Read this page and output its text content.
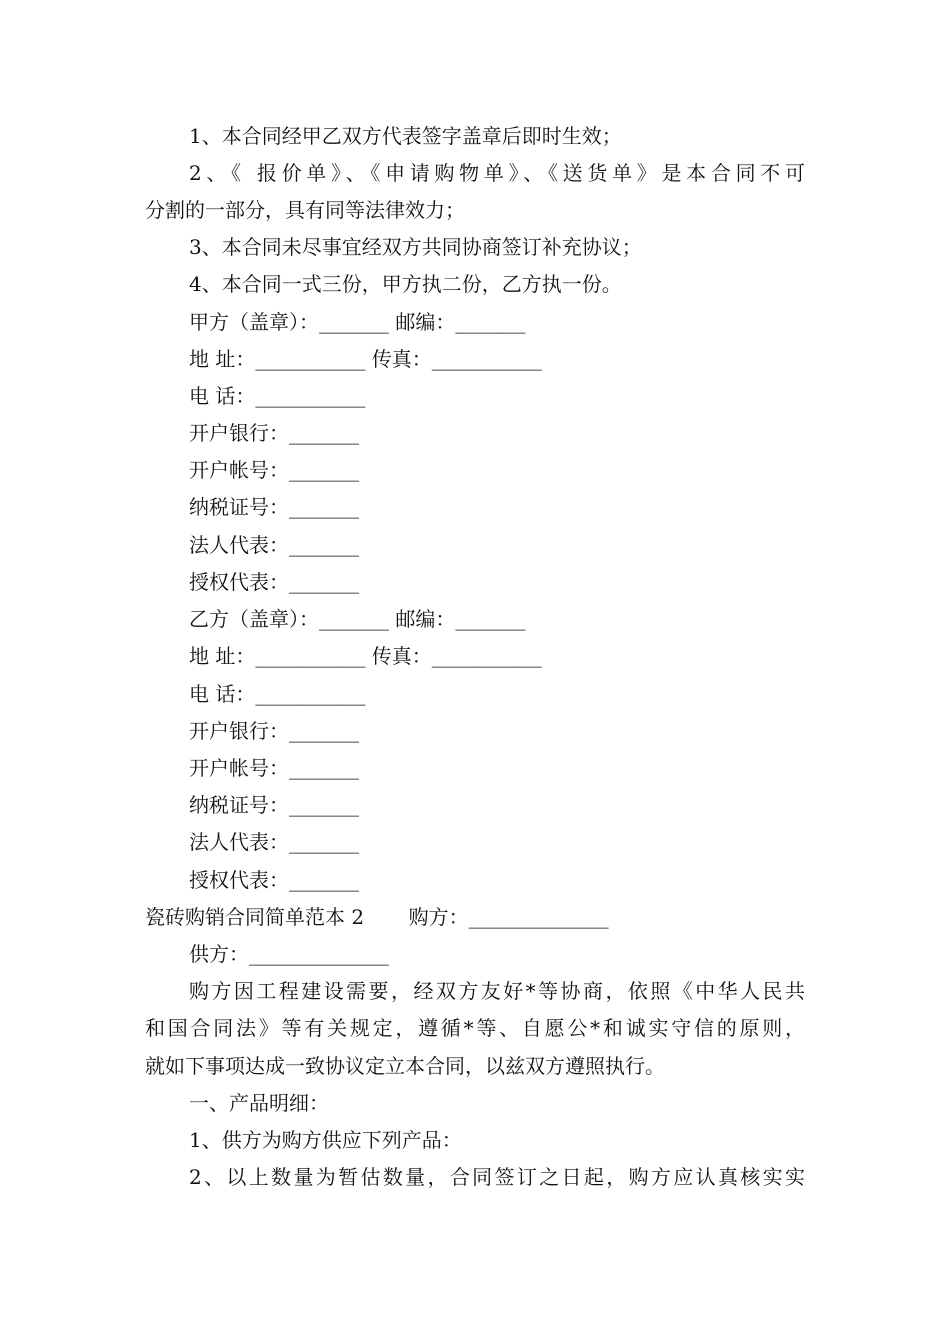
1、本合同经甲乙双方代表签字盖章后即时生效；
2、《 报价单》、《申请购物单》、《送货单》是本合同不可
分割的一部分，具有同等法律效力；
3、本合同未尽事宜经双方共同协商签订补充协议；
4、本合同一式三份，甲方执二份，乙方执一份。
甲方（盖章）：_______ 邮编：_______
地 址：___________ 传真：___________
电 话：___________
开户银行：_______
开户帐号：_______
纳税证号：_______
法人代表：_______
授权代表：_______
乙方（盖章）：_______ 邮编：_______
地 址：___________ 传真：___________
电 话：___________
开户银行：_______
开户帐号：_______
纳税证号：_______
法人代表：_______
授权代表：_______
瓷砖购销合同简单范本 2       购方：______________
供方：______________
购方因工程建设需要，经双方友好*等协商，依照《中华人民共
和国合同法》等有关规定，遵循*等、自愿公*和诚实守信的原则，
就如下事项达成一致协议定立本合同，以兹双方遵照执行。
一、产品明细：
1、供方为购方供应下列产品：
2、以上数量为暂估数量，合同签订之日起，购方应认真核实实
